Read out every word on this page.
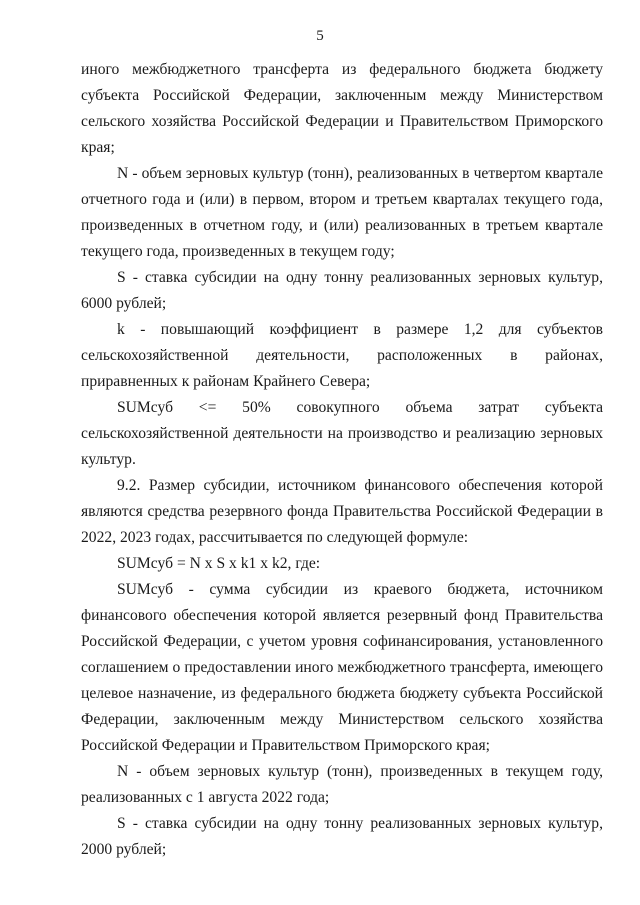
5

иного межбюджетного трансферта из федерального бюджета бюджету субъекта Российской Федерации, заключенным между Министерством сельского хозяйства Российской Федерации и Правительством Приморского края;

N - объем зерновых культур (тонн), реализованных в четвертом квартале отчетного года и (или) в первом, втором и третьем кварталах текущего года, произведенных в отчетном году, и (или) реализованных в третьем квартале текущего года, произведенных в текущем году;

S - ставка субсидии на одну тонну реализованных зерновых культур, 6000 рублей;

k - повышающий коэффициент в размере 1,2 для субъектов сельскохозяйственной деятельности, расположенных в районах, приравненных к районам Крайнего Севера;

SUMсуб <= 50% совокупного объема затрат субъекта сельскохозяйственной деятельности на производство и реализацию зерновых культур.

9.2. Размер субсидии, источником финансового обеспечения которой являются средства резервного фонда Правительства Российской Федерации в 2022, 2023 годах, рассчитывается по следующей формуле:

SUMсуб = N x S x k1 x k2, где:

SUMсуб - сумма субсидии из краевого бюджета, источником финансового обеспечения которой является резервный фонд Правительства Российской Федерации, с учетом уровня софинансирования, установленного соглашением о предоставлении иного межбюджетного трансферта, имеющего целевое назначение, из федерального бюджета бюджету субъекта Российской Федерации, заключенным между Министерством сельского хозяйства Российской Федерации и Правительством Приморского края;

N - объем зерновых культур (тонн), произведенных в текущем году, реализованных с 1 августа 2022 года;

S - ставка субсидии на одну тонну реализованных зерновых культур, 2000 рублей;
